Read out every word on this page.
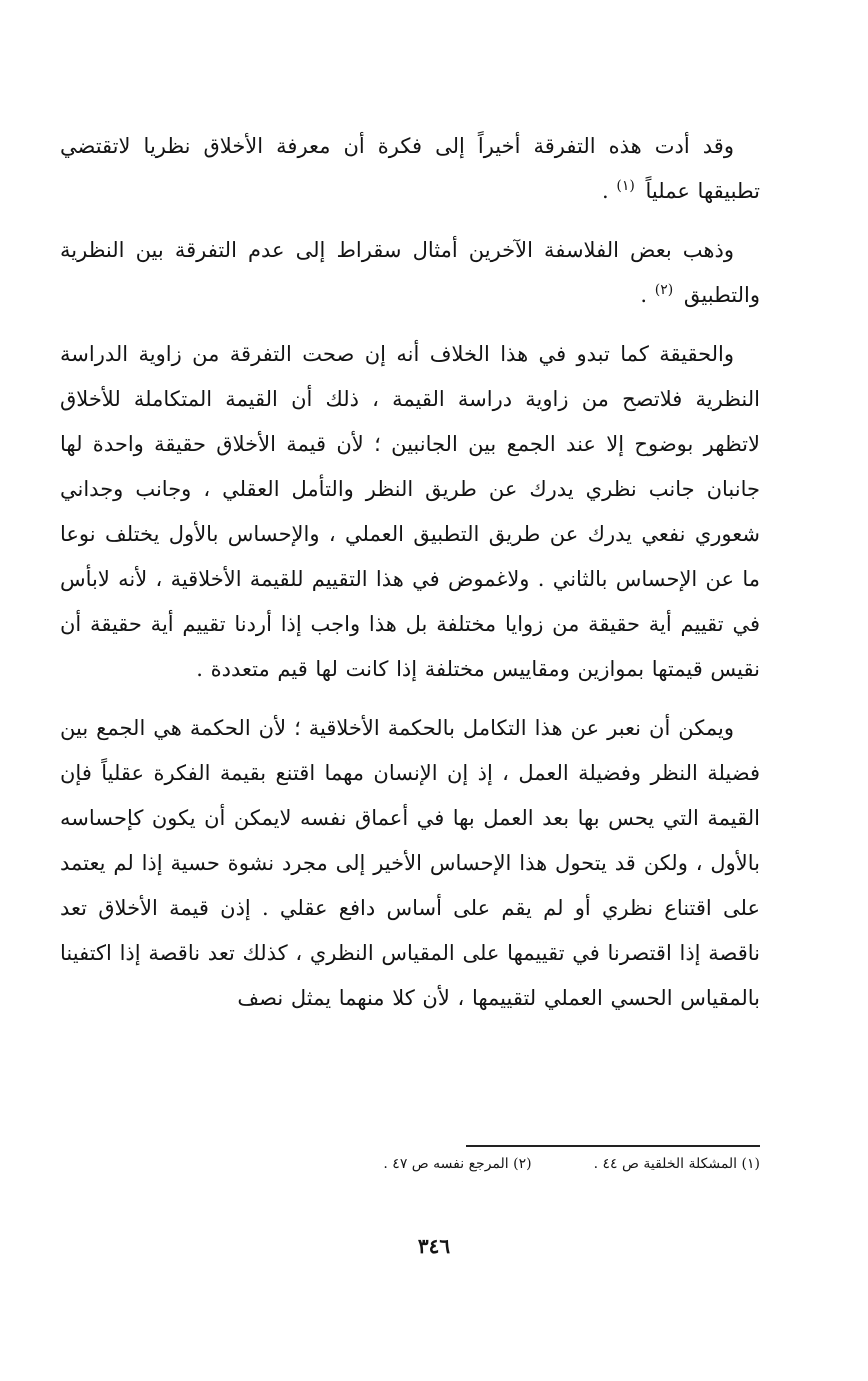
وقد أدت هذه التفرقة أخيراً إلى فكرة أن معرفة الأخلاق نظريا لاتقتضي تطبيقها عملياً $^{(١)}$ .

وذهب بعض الفلاسفة الآخرين أمثال سقراط إلى عدم التفرقة بين النظرية والتطبيق $^{(٢)}$ .

والحقيقة كما تبدو في هذا الخلاف أنه إن صحت التفرقة من زاوية الدراسة النظرية فلاتصح من زاوية دراسة القيمة ، ذلك أن القيمة المتكاملة للأخلاق لاتظهر بوضوح إلا عند الجمع بين الجانبين ؛ لأن قيمة الأخلاق حقيقة واحدة لها جانبان جانب نظري يدرك عن طريق النظر والتأمل العقلي ، وجانب وجداني شعوري نفعي يدرك عن طريق التطبيق العملي ، والإحساس بالأول يختلف نوعا ما عن الإحساس بالثاني . ولاغموض في هذا التقييم للقيمة الأخلاقية ، لأنه لابأس في تقييم أية حقيقة من زوايا مختلفة بل هذا واجب إذا أردنا تقييم أية حقيقة أن نقيس قيمتها بموازين ومقاييس مختلفة إذا كانت لها قيم متعددة .

ويمكن أن نعبر عن هذا التكامل بالحكمة الأخلاقية ؛ لأن الحكمة هي الجمع بين فضيلة النظر وفضيلة العمل ، إذ إن الإنسان مهما اقتنع بقيمة الفكرة عقلياً فإن القيمة التي يحس بها بعد العمل بها في أعماق نفسه لايمكن أن يكون كإحساسه بالأول ، ولكن قد يتحول هذا الإحساس الأخير إلى مجرد نشوة حسية إذا لم يعتمد على اقتناع نظري أو لم يقم على أساس دافع عقلي . إذن قيمة الأخلاق تعد ناقصة إذا اقتصرنا في تقييمها على المقياس النظري ، كذلك تعد ناقصة إذا اكتفينا بالمقياس الحسي العملي لتقييمها ، لأن كلا منهما يمثل نصف

(١) المشكلة الخلقية ص ٤٤ .(٢) المرجع نفسه ص ٤٧ .
٣٤٦
